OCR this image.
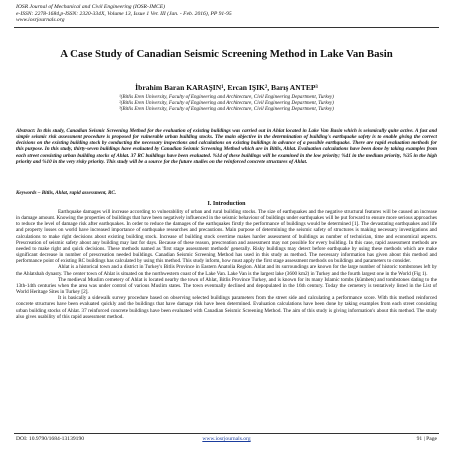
IOSR Journal of Mechanical and Civil Engineering (IOSR-JMCE)
e-ISSN: 2278-1684,p-ISSN: 2320-334X, Volume 13, Issue 1 Ver. III (Jan. - Feb. 2016), PP 91-95
www.iosrjournals.org
A Case Study of Canadian Seismic Screening Method in Lake Van Basin
İbrahim Baran KARAŞIN¹, Ercan IŞIK², Barış ANTEP³
¹(Bitlis Eren University, Faculty of Engineering and Architecture, Civil Engineering Department, Turkey)
²(Bitlis Eren University, Faculty of Engineering and Architecture, Civil Engineering Department, Turkey)
³(Bitlis Eren University, Faculty of Engineering and Architecture, Civil Engineering Department, Turkey)
Abstract: In this study, Canadian Seismic Screening Method for the evaluation of existing buildings was carried out in Ahlat located in Lake Van Basin which is seismically quite active. A fast and simple seismic risk assessment procedure is proposed for vulnerable urban building stocks. The main objective in the determination of building's earthquake safety is to enable giving the correct decisions on the existing building stock by conducting the necessary inspections and calculations on existing buildings in advance of a possible earthquake. There are rapid evaluation methods for this purpose. In this study, thirty-seven buildings have evaluated by Canadian Seismic Screening Method which are in Bitlis, Ahlat. Evaluation calculations have been done by taking examples from each street consisting urban building stocks of Ahlat. 37 RC buildings have been evaluated. %14 of these buildings will be examined in the low priority; %41 in the medium priority, %35 in the high priority and %10 in the very risky priority. This study will be a source for the future studies on the reinforced concrete structures of Ahlat.
Keywords – Bitlis, Ahlat, rapid assessment, RC.
I. Introduction

Earthquake damages will increase according to vulnerability of urban and rural building stocks. The size of earthquakes and the negative structural features will be caused an increase in damage amount. Knowing the properties of buildings that have been negatively influenced in the seismic behaviour of buildings under earthquakes will be put forward to ensure more serious approaches to reduce the level of damage risk after earthquakes. In order to reduce the damages of the earthquakes firstly the performance of buildings would be determined [1]. The devastating earthquakes and life and property losses on world have increased importance of earthquake researches and precautions. Main purpose of determining the seismic safety of structures is making necessary investigations and calculations to make right decisions about existing building stock. Increase of building stock overtime makes harder assessment of buildings as number of technician, time and economical aspects. Prescreation of seismic safety about any building may last for days. Because of these reason, prescreation and assessment may not possible for every building. In this case, rapid assessment methods are needed to make right and quick decisions. These methods named as 'first stage assessment methods' generally. Risky buildings may detect before earthquake by using these methods which are make significant decrease in number of prescreation needed buildings. Canadian Seismic Screening Method has used in this study as method. The necessary information has given about this method and performance point of existing RC buildings has calculated by using this method. This study inform, how must apply the first stage assessment methods on buildings and parameters to consider.

Ahlat is a historical town and a district in Turkey's Bitlis Province in Eastern Anatolia Region. Ahlat and its surroundings are known for the large number of historic tombstones left by the Ahlatshah dynasty. The center town of Ahlat is situated on the northwestern coast of the Lake Van. Lake Van is the largest lake (3600 km2) in Turkey and the fourth largest one in the World (Fig 1).

The medieval Muslim cemetery of Ahlat is located nearby the town of Ahlat, Bitlis Province Turkey, and is known for its many Islamic tombs (kümbets) and tombstones dating to the 13th-14th centuries when the area was under control of various Muslim states. The town eventually declined and depopulated in the 16th century. Today the cemetery is tentatively listed in the List of World Heritage Sites in Turkey [2].

It is basically a sidewalk survey procedure based on observing selected buildings parameters from the street side and calculating a performance score. With this method reinforced concrete structures have been evaluated quickly and the buildings that have damage risk have been determined. Evaluation calculations have been done by taking examples from each street consisting urban building stocks of Ahlat. 37 reinforced concrete buildings have been evaluated with Canadian Seismic Screening Method. The aim of this study is giving information's about this method. The study also gives usability of this rapid assessment method.

DOI: 10.9790/1684-13139190	www.iosrjournals.org	91 | Page
